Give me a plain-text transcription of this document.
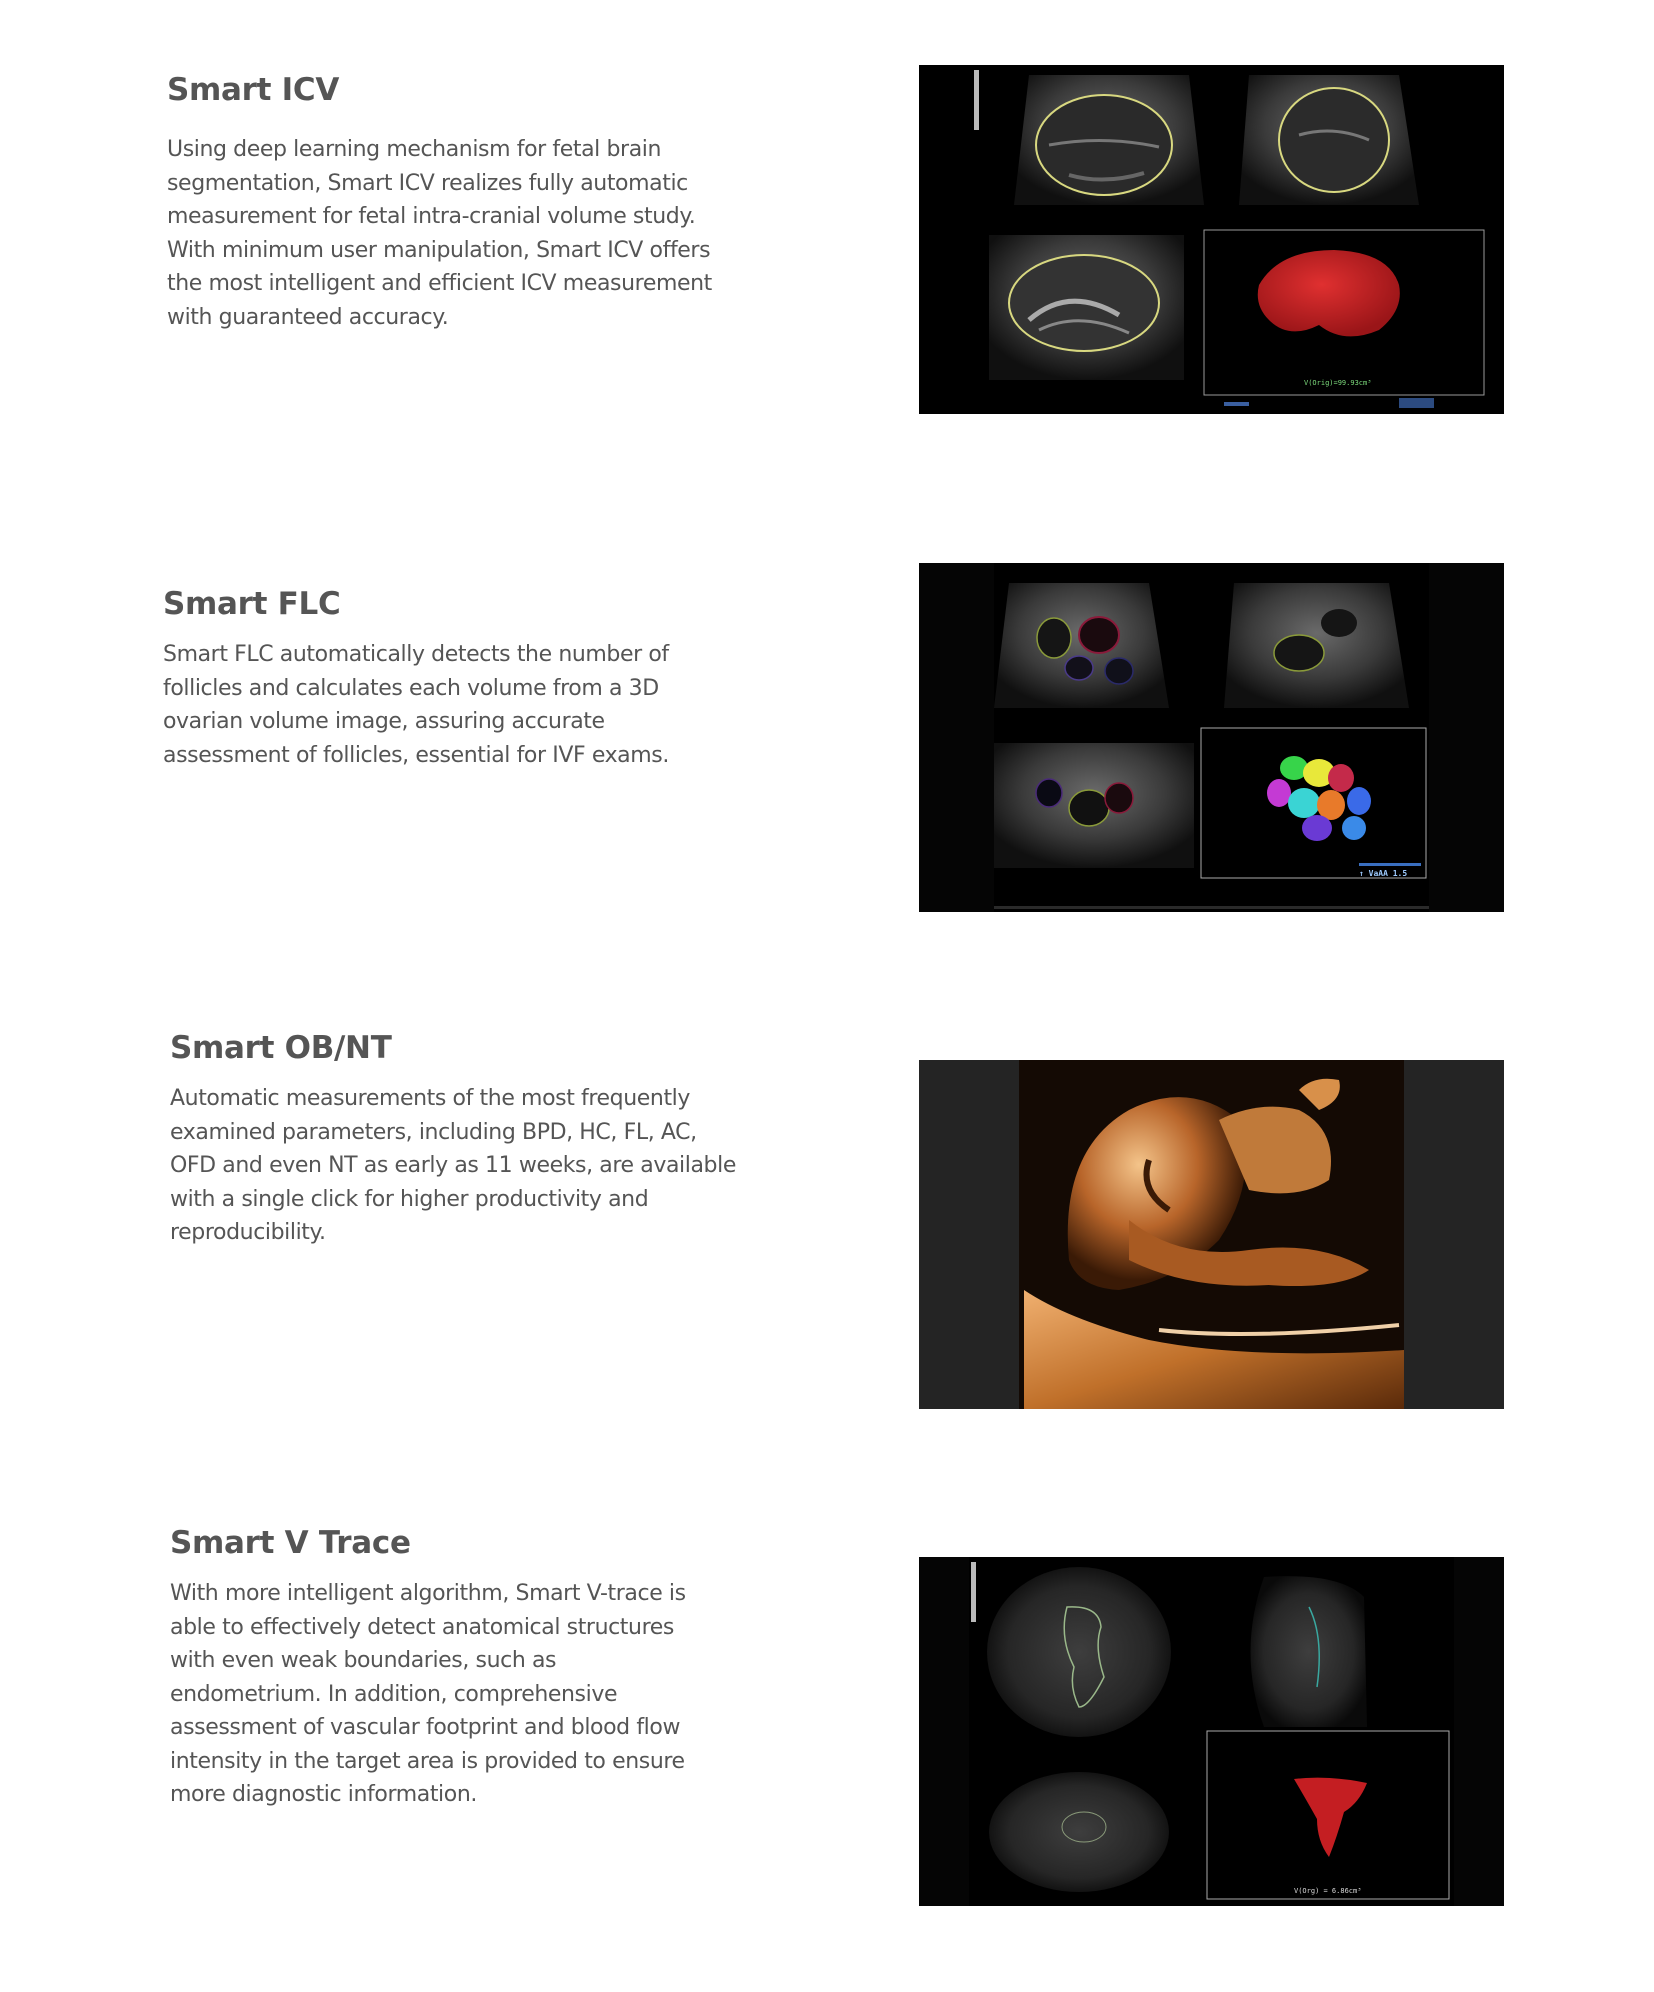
Smart ICV

Using deep learning mechanism for fetal brain
segmentation, Smart ICV realizes fully automatic
measurement for fetal intra-cranial volume study.
With minimum user manipulation, Smart ICV offers
the most intelligent and efficient ICV measurement
with guaranteed accuracy.

V(Orig)=99.93cm³
Smart FLC

Smart FLC automatically detects the number of
follicles and calculates each volume from a 3D
ovarian volume image, assuring accurate
assessment of follicles, essential for IVF exams.

↑ VaAA 1.5
Smart OB/NT

Automatic measurements of the most frequently
examined parameters, including BPD, HC, FL, AC,
OFD and even NT as early as 11 weeks, are available
with a single click for higher productivity and
reproducibility.

Smart V Trace

With more intelligent algorithm, Smart V-trace is
able to effectively detect anatomical structures
with even weak boundaries, such as
endometrium. In addition, comprehensive
assessment of vascular footprint and blood flow
intensity in the target area is provided to ensure
more diagnostic information.

V(Org) = 6.86cm³
